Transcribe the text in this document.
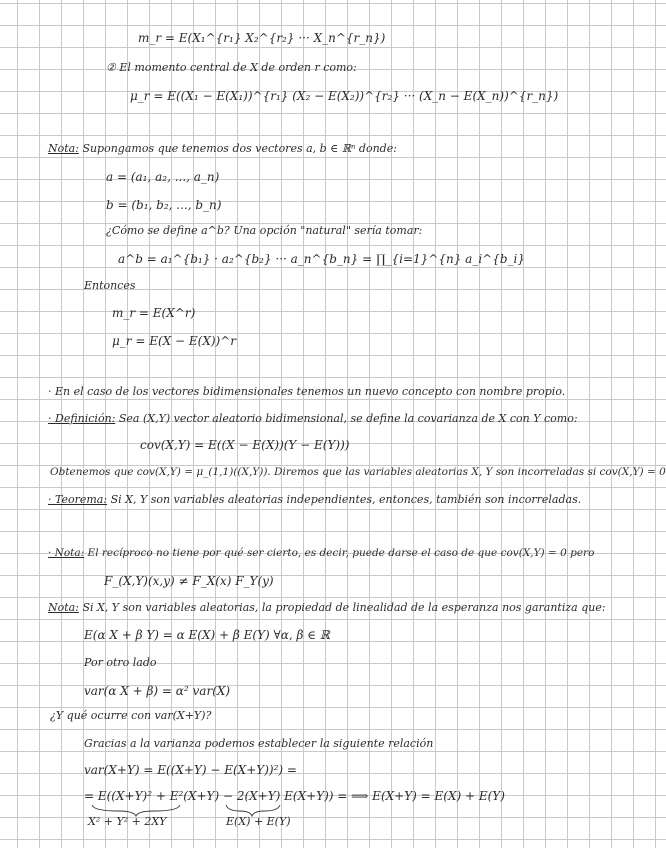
m_r = E(X₁^{r₁} X₂^{r₂} ··· X_n^{r_n})
② El momento central de X de orden r como:
μ_r = E((X₁ − E(X₁))^{r₁} (X₂ − E(X₂))^{r₂} ··· (X_n − E(X_n))^{r_n})
Nota: Supongamos que tenemos dos vectores a, b ∈ ℝⁿ donde:
a = (a₁, a₂, ..., a_n)
b = (b₁, b₂, ..., b_n)
¿Cómo se define a^b? Una opción "natural" sería tomar:
a^b = a₁^{b₁} · a₂^{b₂} ··· a_n^{b_n} = ∏_{i=1}^{n} a_i^{b_i}
Entonces
m_r = E(X^r)
μ_r = E(X − E(X))^r
· En el caso de los vectores bidimensionales tenemos un nuevo concepto con nombre propio.
· Definición: Sea (X,Y) vector aleatorio bidimensional, se define la covarianza de X con Y como:
cov(X,Y) = E((X − E(X))(Y − E(Y)))
Obtenemos que cov(X,Y) = μ_(1,1)((X,Y)). Diremos que las variables aleatorias X, Y son incorreladas si cov(X,Y) = 0
· Teorema: Si X, Y son variables aleatorias independientes, entonces, también son incorreladas.
· Nota: El recíproco no tiene por qué ser cierto, es decir, puede darse el caso de que cov(X,Y) = 0 pero
F_(X,Y)(x,y) ≠ F_X(x) F_Y(y)
Nota: Si X, Y son variables aleatorias, la propiedad de linealidad de la esperanza nos garantiza que:
E(α X + β Y) = α E(X) + β E(Y) ∀α, β ∈ ℝ
Por otro lado
var(α X + β) = α² var(X)
¿Y qué ocurre con var(X+Y)?
Gracias a la varianza podemos establecer la siguiente relación
var(X+Y) = E((X+Y) − E(X+Y))²) =
= E((X+Y)² + E²(X+Y) − 2(X+Y) E(X+Y)) = ⟹ E(X+Y) = E(X) + E(Y)
X² + Y² + 2XY	E(X) + E(Y)
